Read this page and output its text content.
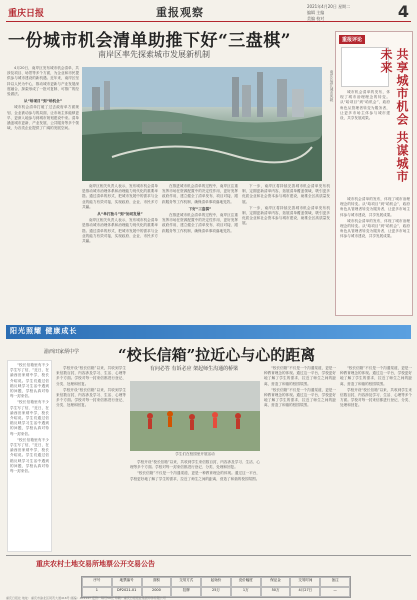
重庆日报	重报观察	2021年4月20日 星期二
编辑 主编
美编 校对	4
一份城市机会清单助推下好“三盘棋”
南岸区率先探索城市发展新机制

4月20日，南岸区发布城市机会清单，共涉及项目、场景等多个方面，为企业和市民提供参与城市建设的新机遇。近年来，南岸区坚持以人民为中心，推动城市更新与产业发展深度融合，探索形成了一批可复制、可推广的经验做法。

从“给项目”到“给机会”

城市机会清单打破了过去政府单方面规划、企业被动参与的局面，让市场主体能够更早、更深入地参与到城市规划建设中来。清单涵盖城市更新、产业发展、公共服务等多个领域，为各类企业提供了广阔的发展空间。

南岸区滨江城市风貌

南岸区相关负责人表示，发布城市机会清单是推动城市治理体系和治理能力现代化的重要举措。通过清单的形式，把城市发展中的需求与企业的能力有效对接，实现政府、企业、市民多方共赢。

从“单打独斗”到“协同发展”

南岸区相关负责人表示，发布城市机会清单是推动城市治理体系和治理能力现代化的重要举措。通过清单的形式，把城市发展中的需求与企业的能力有效对接，实现政府、企业、市民多方共赢。

在推进城市机会清单的过程中，南岸区注重发挥市场在资源配置中的决定性作用，更好发挥政府作用，建立健全了清单发布、项目对接、跟踪服务等工作机制，确保清单事项落地见效。

下好“三盘棋”

在推进城市机会清单的过程中，南岸区注重发挥市场在资源配置中的决定性作用，更好发挥政府作用，建立健全了清单发布、项目对接、跟踪服务等工作机制，确保清单事项落地见效。

下一步，南岸区将持续完善城市机会清单发布机制，定期更新清单内容，拓展清单覆盖领域，吸引更多优质企业和社会资本参与城市建设，助推全区高质量发展。

下一步，南岸区将持续完善城市机会清单发布机制，定期更新清单内容，拓展清单覆盖领域，吸引更多优质企业和社会资本参与城市建设，助推全区高质量发展。

重报评论
共享城市机会 共谋城市未来

城市机会清单的发布，体现了城市治理理念的转变。从“给项目”到“给机会”，政府角色从管理者转变为服务者，让更多市场主体参与城市建设，共享发展成果。

城市机会清单的发布，体现了城市治理理念的转变。从“给项目”到“给机会”，政府角色从管理者转变为服务者，让更多市场主体参与城市建设，共享发展成果。

城市机会清单的发布，体现了城市治理理念的转变。从“给项目”到“给机会”，政府角色从管理者转变为服务者，让更多市场主体参与城市建设，共享发展成果。

阳光照耀 健康成长
渝西田家炳中学	“校长信箱”拉近心与心的距离

“校长信箱里有不少学生写了信，”近日，在渝西田家炳中学，校长介绍说。学生们通过信箱反映学习生活中遇到的问题，学校认真对待每一封来信。

“校长信箱里有不少学生写了信，”近日，在渝西田家炳中学，校长介绍说。学生们通过信箱反映学习生活中遇到的问题，学校认真对待每一封来信。

“校长信箱里有不少学生写了信，”近日，在渝西田家炳中学，校长介绍说。学生们通过信箱反映学习生活中遇到的问题，学校认真对待每一封来信。

有问必答 有诉必应 架起师生沟通的桥梁
学生们在校园里开展活动

学校开设“校长信箱”以来，共收到学生来信数百封，内容涉及学习、生活、心理等多个方面。学校对每一封来信都进行登记、分类、处理和回复。

学校开设“校长信箱”以来，共收到学生来信数百封，内容涉及学习、生活、心理等多个方面。学校对每一封来信都进行登记、分类、处理和回复。

学校开设“校长信箱”以来，共收到学生来信数百封，内容涉及学习、生活、心理等多个方面。学校对每一封来信都进行登记、分类、处理和回复。

“校长信箱”不仅是一个沟通渠道，更是一种教育理念的体现。通过这一平台，学校更好地了解了学生的需求，拉近了师生之间的距离，营造了和谐的校园氛围。

“校长信箱”不仅是一个沟通渠道，更是一种教育理念的体现。通过这一平台，学校更好地了解了学生的需求，拉近了师生之间的距离，营造了和谐的校园氛围。

“校长信箱”不仅是一个沟通渠道，更是一种教育理念的体现。通过这一平台，学校更好地了解了学生的需求，拉近了师生之间的距离，营造了和谐的校园氛围。

“校长信箱”不仅是一个沟通渠道，更是一种教育理念的体现。通过这一平台，学校更好地了解了学生的需求，拉近了师生之间的距离，营造了和谐的校园氛围。

学校开设“校长信箱”以来，共收到学生来信数百封，内容涉及学习、生活、心理等多个方面。学校对每一封来信都进行登记、分类、处理和回复。

重庆农村土地交易所地票公开交易公告
序号	地票编号	面积	交易方式	起始价	竞价幅度	保证金	交易时间	备注
1	DP2021-01	2000	挂牌	25万	1万	50万	4月27日	—
重庆日报社 地址：重庆市渝北区同茂大道416号 邮编：401147 定价：每月50元 印刷：重庆日报报业集团印务有限公司
